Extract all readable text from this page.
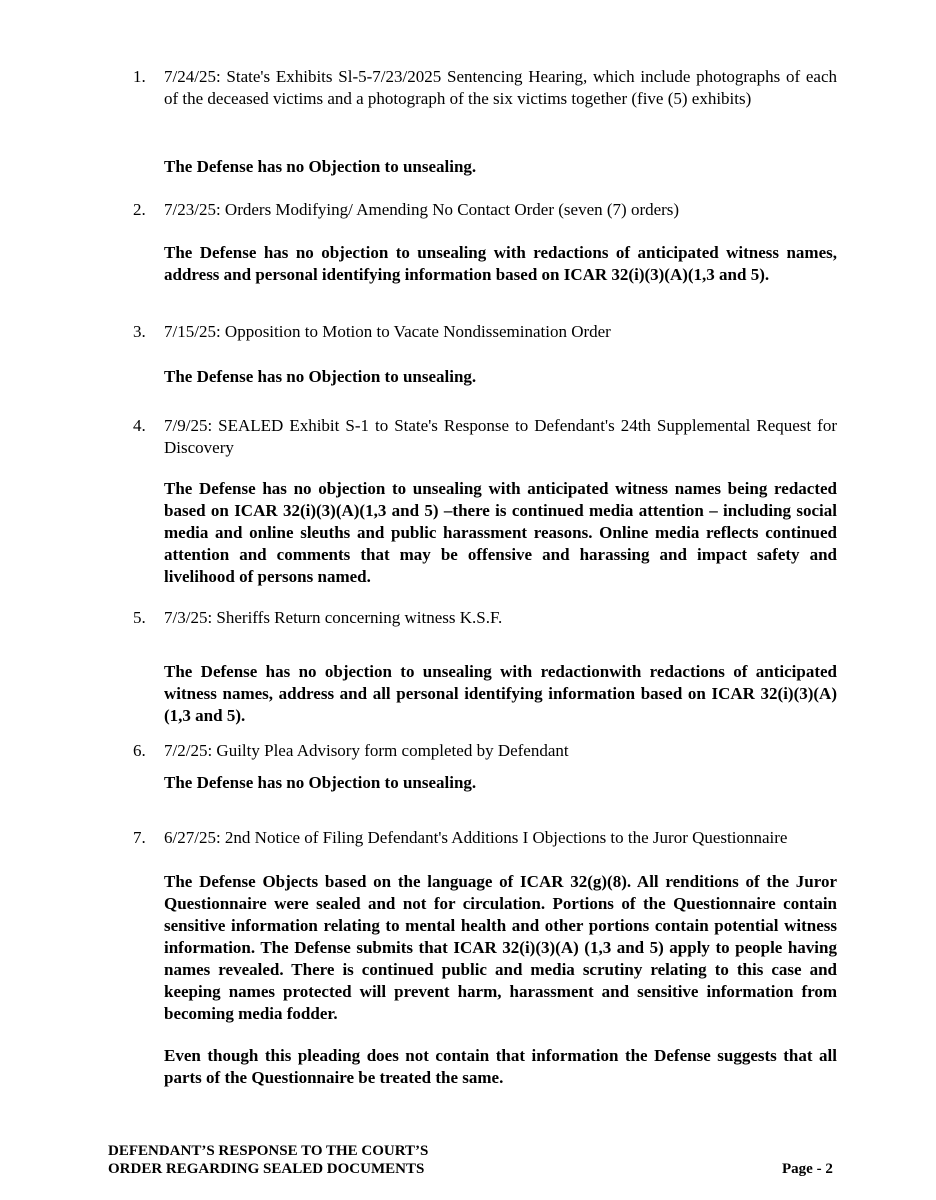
1. 7/24/25: State's Exhibits Sl-5-7/23/2025 Sentencing Hearing, which include photographs of each of the deceased victims and a photograph of the six victims together (five (5) exhibits)
The Defense has no Objection to unsealing.
2. 7/23/25: Orders Modifying/ Amending No Contact Order (seven (7) orders)
The Defense has no objection to unsealing with redactions of anticipated witness names, address and personal identifying information based on ICAR 32(i)(3)(A)(1,3 and 5).
3. 7/15/25: Opposition to Motion to Vacate Nondissemination Order
The Defense has no Objection to unsealing.
4. 7/9/25: SEALED Exhibit S-1 to State's Response to Defendant's 24th Supplemental Request for Discovery
The Defense has no objection to unsealing with anticipated witness names being redacted based on ICAR 32(i)(3)(A)(1,3 and 5) –there is continued media attention – including social media and online sleuths and public harassment reasons. Online media reflects continued attention and comments that may be offensive and harassing and impact safety and livelihood of persons named.
5. 7/3/25: Sheriffs Return concerning witness K.S.F.
The Defense has no objection to unsealing with redactionwith redactions of anticipated witness names, address and all personal identifying information based on ICAR 32(i)(3)(A)(1,3 and 5).
6. 7/2/25: Guilty Plea Advisory form completed by Defendant
The Defense has no Objection to unsealing.
7. 6/27/25: 2nd Notice of Filing Defendant's Additions I Objections to the Juror Questionnaire
The Defense Objects based on the language of ICAR 32(g)(8). All renditions of the Juror Questionnaire were sealed and not for circulation. Portions of the Questionnaire contain sensitive information relating to mental health and other portions contain potential witness information. The Defense submits that ICAR 32(i)(3)(A) (1,3 and 5) apply to people having names revealed. There is continued public and media scrutiny relating to this case and keeping names protected will prevent harm, harassment and sensitive information from becoming media fodder.
Even though this pleading does not contain that information the Defense suggests that all parts of the Questionnaire be treated the same.
DEFENDANT’S RESPONSE TO THE COURT’S
ORDER REGARDING SEALED DOCUMENTS	Page - 2
